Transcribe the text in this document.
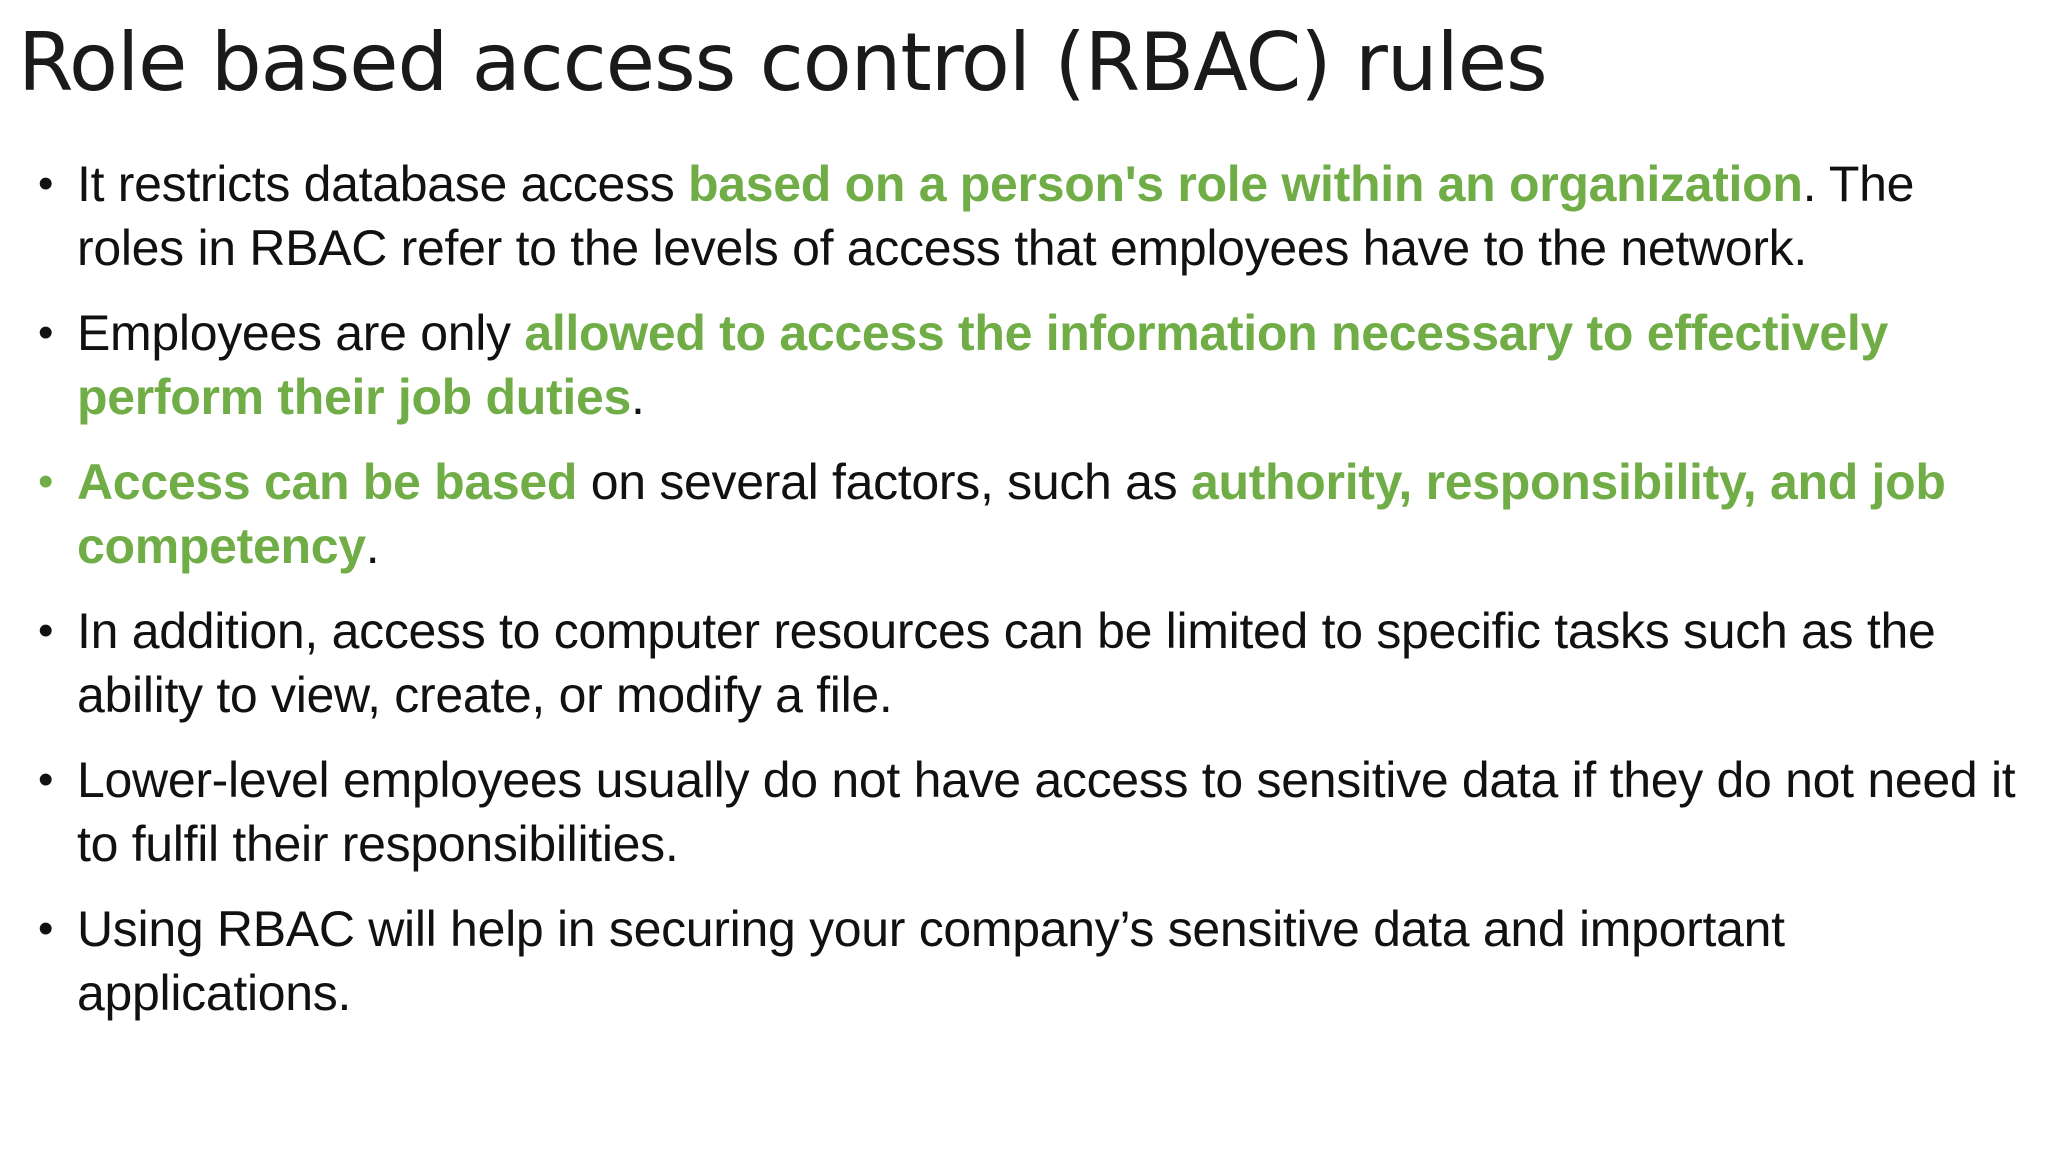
Role based access control (RBAC) rules
• It restricts database access based on a person's role within an organization. The roles in RBAC refer to the levels of access that employees have to the network.
• Employees are only allowed to access the information necessary to effectively perform their job duties.
• Access can be based on several factors, such as authority, responsibility, and job competency.
• In addition, access to computer resources can be limited to specific tasks such as the ability to view, create, or modify a file.
• Lower-level employees usually do not have access to sensitive data if they do not need it to fulfil their responsibilities.
• Using RBAC will help in securing your company’s sensitive data and important applications.
